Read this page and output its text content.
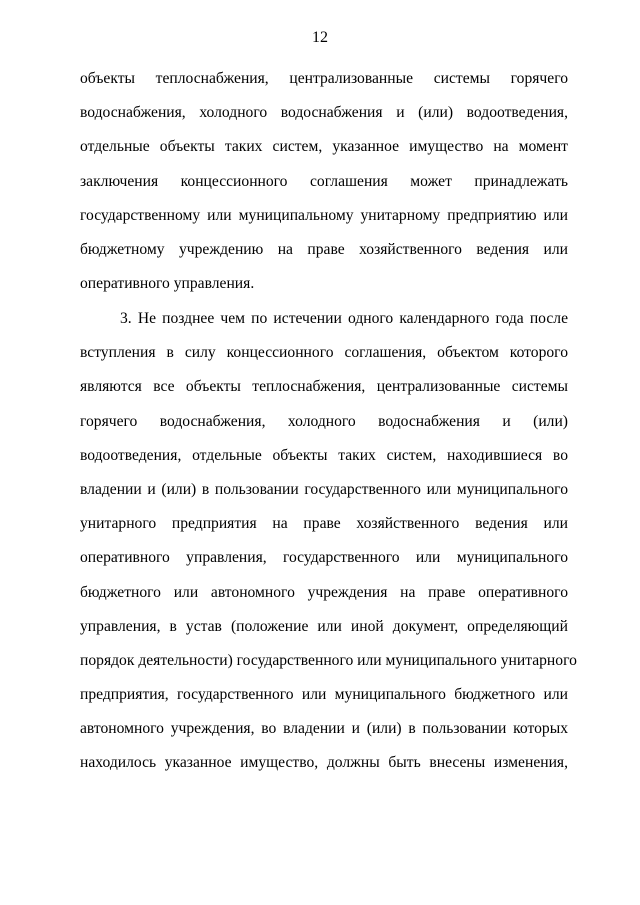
12
объекты теплоснабжения, централизованные системы горячего
водоснабжения, холодного водоснабжения и (или) водоотведения,
отдельные объекты таких систем, указанное имущество на момент
заключения концессионного соглашения может принадлежать
государственному или муниципальному унитарному предприятию или
бюджетному учреждению на праве хозяйственного ведения или
оперативного управления.
3. Не позднее чем по истечении одного календарного года после
вступления в силу концессионного соглашения, объектом которого
являются все объекты теплоснабжения, централизованные системы
горячего водоснабжения, холодного водоснабжения и (или)
водоотведения, отдельные объекты таких систем, находившиеся во
владении и (или) в пользовании государственного или муниципального
унитарного предприятия на праве хозяйственного ведения или
оперативного управления, государственного или муниципального
бюджетного или автономного учреждения на праве оперативного
управления, в устав (положение или иной документ, определяющий
порядок деятельности) государственного или муниципального унитарного
предприятия, государственного или муниципального бюджетного или
автономного учреждения, во владении и (или) в пользовании которых
находилось указанное имущество, должны быть внесены изменения,
